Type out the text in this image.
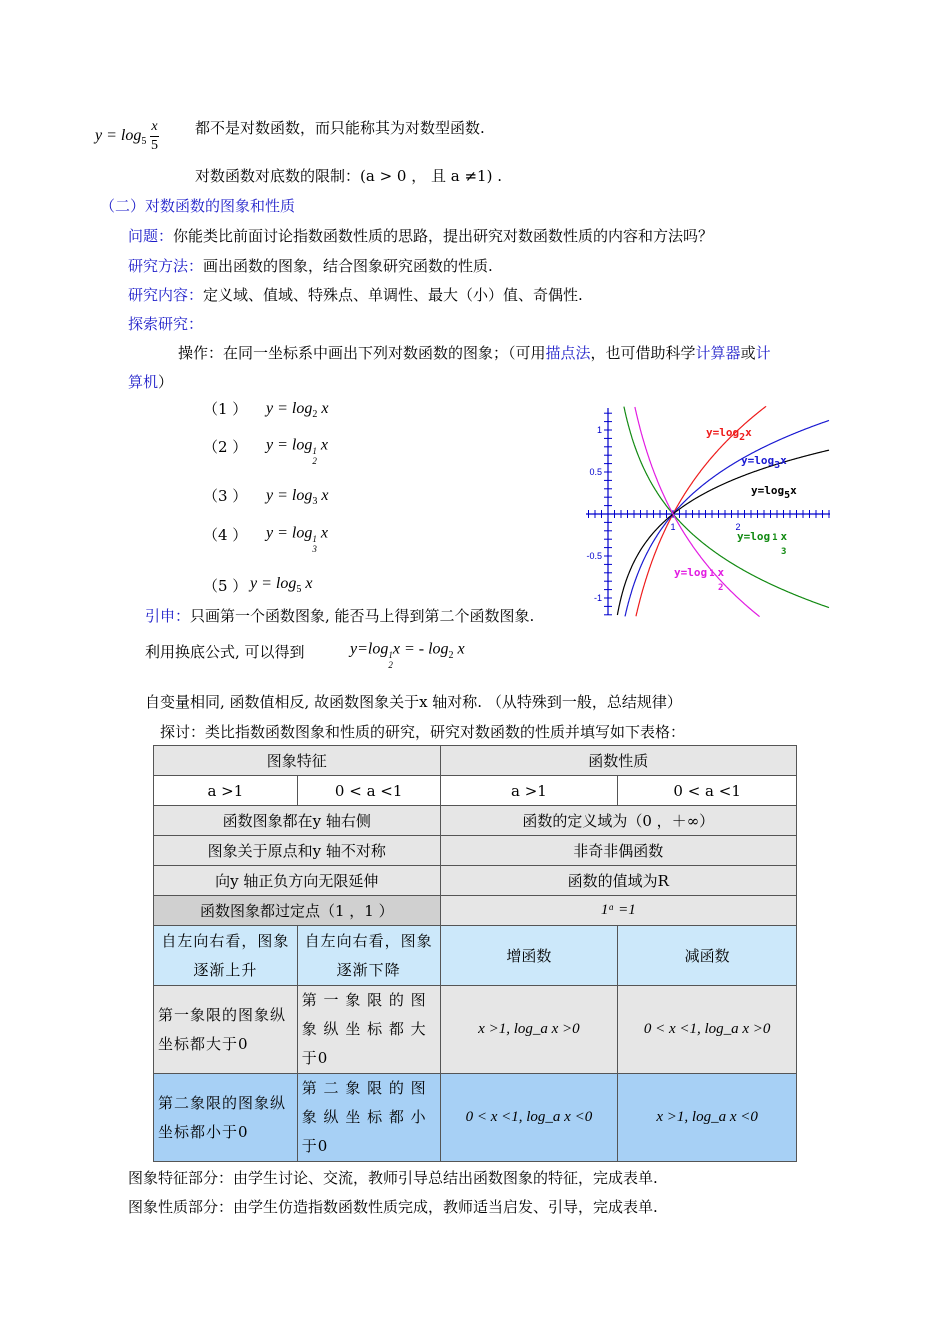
$y = \log_5 \frac{x}{5}$ 都不是对数函数，而只能称其为对数型函数.
对数函数对底数的限制：(a > 0 ， 且 a ≠1) .
（二）对数函数的图象和性质
问题：你能类比前面讨论指数函数性质的思路，提出研究对数函数性质的内容和方法吗？
研究方法：画出函数的图象，结合图象研究函数的性质.
研究内容：定义域、值域、特殊点、单调性、最大（小）值、奇偶性.
探索研究：
操作：在同一坐标系中画出下列对数函数的图象；（可用描点法，也可借助科学计算器或计
算机）
（1 ） $y = \log_2 x$
（2 ） y = log 1
2
x
（3 ） $y = \log_3 x$
（4 ） y = log 1
3
x
（5 ） $y = \log_5 x$
1
0.5
-0.5
-1
1	2
y=log2x
y=log3x
y=log5x
y=log 1 x
3
y=log 1 x
2
引申：只画第一个函数图象, 能否马上得到第二个函数图象.
利用换底公式, 可以得到	y=log 1
2
x = - $\log_2 x$
自变量相同, 函数值相反, 故函数图象关于x 轴对称. （从特殊到一般，总结规律）
探讨：类比指数函数图象和性质的研究，研究对数函数的性质并填写如下表格：
图象特征		函数性质	
a >1	0 < a <1	a >1	0 < a <1
函数图象都在y 轴右侧		函数的定义域为（0 ，＋∞）	
图象关于原点和y 轴不对称		非奇非偶函数	
向y 轴正负方向无限延伸		函数的值域为R	
函数图象都过定点（1 ，1 ）		1ᵅ =1	
自左向右看，图象逐渐上升	自左向右看，图象逐渐下降	增函数	减函数
第一象限的图象纵坐标都大于0	第 一 象 限 的 图 象 纵 坐 标 都 大 于0	x >1, log_a x >0	0 < x <1, log_a x >0
第二象限的图象纵坐标都小于0	第 二 象 限 的 图 象 纵 坐 标 都 小 于0	0 < x <1, log_a x <0	x >1, log_a x <0
图象特征部分：由学生讨论、交流，教师引导总结出函数图象的特征，完成表单.
图象性质部分：由学生仿造指数函数性质完成，教师适当启发、引导，完成表单.
